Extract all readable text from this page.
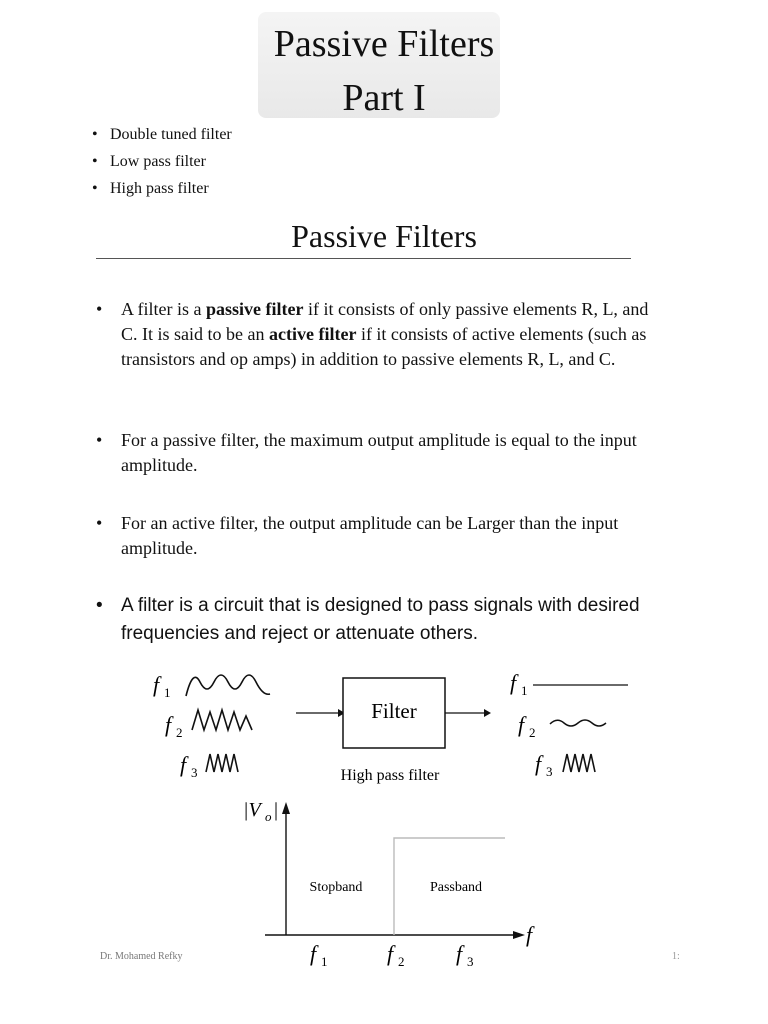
Passive Filters
Part I
• Double tuned filter
• Low pass filter
• High pass filter
Passive Filters
• A filter is a passive filter if it consists of only passive elements R, L, and C. It is said to be an active filter if it consists of active elements (such as transistors and op amps) in addition to passive elements R, L, and C.
• For a passive filter, the maximum output amplitude is equal to the input amplitude.
• For an active filter, the output amplitude can be Larger than the input amplitude.
• A filter is a circuit that is designed to pass signals with desired frequencies and reject or attenuate others.
f 1
f 2
f 3
Filter
High pass filter
f 1
f 2
f 3
|V o |
f
Stopband	Passband
f 1	f 2 f 3
Dr. Mohamed Refky	1:
